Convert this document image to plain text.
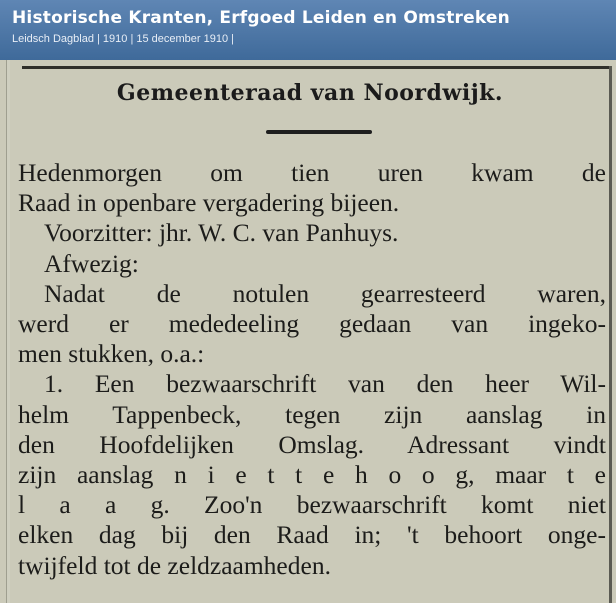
Historische Kranten, Erfgoed Leiden en Omstreken
Leidsch Dagblad | 1910 | 15 december 1910 |
Gemeenteraad van Noordwijk.
Hedenmorgen om tien uren kwam de
Raad in openbare vergadering bijeen.
Voorzitter: jhr. W. C. van Panhuys.
Afwezig:
Nadat de notulen gearresteerd waren,
werd er mededeeling gedaan van ingeko-
men stukken, o.a.:
1. Een bezwaarschrift van den heer Wil-
helm Tappenbeck, tegen zijn aanslag in
den Hoofdelijken Omslag. Adressant vindt
zijn aanslag n i e t t e h o o g, maar t e
l a a g. Zoo'n bezwaarschrift komt niet
elken dag bij den Raad in; 't behoort onge-
twijfeld tot de zeldzaamheden.
